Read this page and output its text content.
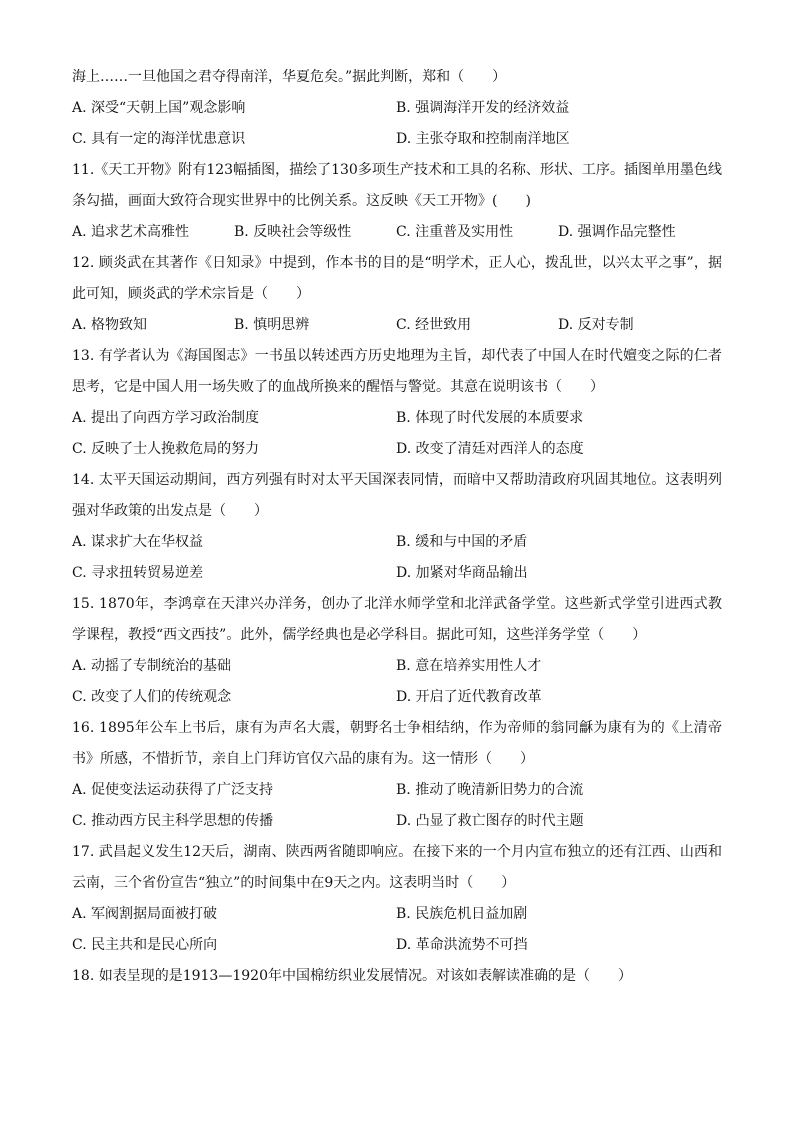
海上……一旦他国之君夺得南洋，华夏危矣。”据此判断，郑和（　　）

A. 深受“天朝上国”观念影响	B. 强调海洋开发的经济效益
C. 具有一定的海洋忧患意识	D. 主张夺取和控制南洋地区

11.《天工开物》附有123幅插图，描绘了130多项生产技术和工具的名称、形状、工序。插图单用墨色线条勾描，画面大致符合现实世界中的比例关系。这反映《天工开物》(　　)

A. 追求艺术高雅性	B. 反映社会等级性	C. 注重普及实用性	D. 强调作品完整性

12. 顾炎武在其著作《日知录》中提到，作本书的目的是“明学术，正人心，拨乱世，以兴太平之事”，据此可知，顾炎武的学术宗旨是（　　）

A. 格物致知	B. 慎明思辨	C. 经世致用	D. 反对专制

13. 有学者认为《海国图志》一书虽以转述西方历史地理为主旨，却代表了中国人在时代嬗变之际的仁者思考，它是中国人用一场失败了的血战所换来的醒悟与警觉。其意在说明该书（　　）

A. 提出了向西方学习政治制度	B. 体现了时代发展的本质要求
C. 反映了士人挽救危局的努力	D. 改变了清廷对西洋人的态度

14. 太平天国运动期间，西方列强有时对太平天国深表同情，而暗中又帮助清政府巩固其地位。这表明列强对华政策的出发点是（　　）

A. 谋求扩大在华权益	B. 缓和与中国的矛盾
C. 寻求扭转贸易逆差	D. 加紧对华商品输出

15. 1870年，李鸿章在天津兴办洋务，创办了北洋水师学堂和北洋武备学堂。这些新式学堂引进西式教学课程，教授“西文西技”。此外，儒学经典也是必学科目。据此可知，这些洋务学堂（　　）

A. 动摇了专制统治的基础	B. 意在培养实用性人才
C. 改变了人们的传统观念	D. 开启了近代教育改革

16. 1895年公车上书后，康有为声名大震，朝野名士争相结纳，作为帝师的翁同龢为康有为的《上清帝书》所感，不惜折节，亲自上门拜访官仅六品的康有为。这一情形（　　）

A. 促使变法运动获得了广泛支持	B. 推动了晚清新旧势力的合流
C. 推动西方民主科学思想的传播	D. 凸显了救亡图存的时代主题

17. 武昌起义发生12天后，湖南、陕西两省随即响应。在接下来的一个月内宣布独立的还有江西、山西和云南，三个省份宣告“独立”的时间集中在9天之内。这表明当时（　　）

A. 军阀割据局面被打破	B. 民族危机日益加剧
C. 民主共和是民心所向	D. 革命洪流势不可挡

18. 如表呈现的是1913—1920年中国棉纺织业发展情况。对该如表解读准确的是（　　）
